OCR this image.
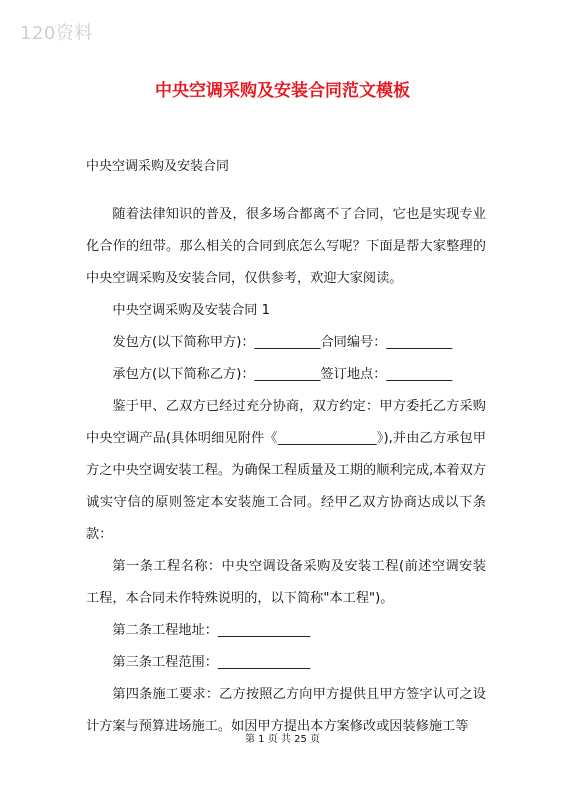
120资料
中央空调采购及安装合同范文模板
中央空调采购及安装合同

随着法律知识的普及，很多场合都离不了合同，它也是实现专业化合作的纽带。那么相关的合同到底怎么写呢？下面是帮大家整理的中央空调采购及安装合同，仅供参考，欢迎大家阅读。

中央空调采购及安装合同 1

发包方(以下简称甲方)：__________合同编号：__________

承包方(以下简称乙方)：__________签订地点：__________

鉴于甲、乙双方已经过充分协商，双方约定：甲方委托乙方采购中央空调产品(具体明细见附件《_______________》),并由乙方承包甲方之中央空调安装工程。为确保工程质量及工期的顺利完成,本着双方诚实守信的原则签定本安装施工合同。经甲乙双方协商达成以下条款：

第一条工程名称：中央空调设备采购及安装工程(前述空调安装工程，本合同未作特殊说明的，以下简称"本工程")。

第二条工程地址：______________

第三条工程范围：______________

第四条施工要求：乙方按照乙方向甲方提供且甲方签字认可之设计方案与预算进场施工。如因甲方提出本方案修改或因装修施工等

第 1 页 共 25 页
